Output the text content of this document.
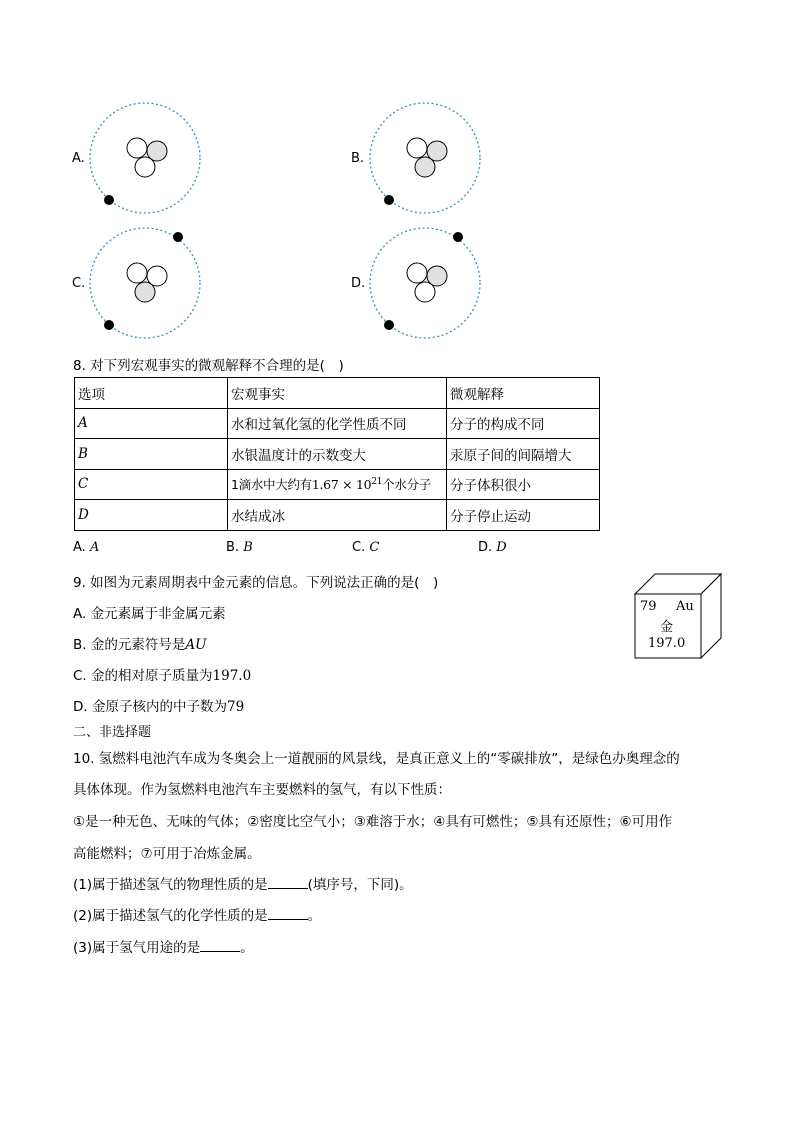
A.	B.
C.	D.
8. 对下列宏观事实的微观解释不合理的是(　)
选项	宏观事实	微观解释
A	水和过氧化氢的化学性质不同	分子的构成不同
B	水银温度计的示数变大	汞原子间的间隔增大
C	1滴水中大约有$1.67 \times 10^{21}$个水分子	分子体积很小
D	水结成冰	分子停止运动
A. A	B. B	C. C	D. D
9. 如图为元素周期表中金元素的信息。下列说法正确的是(　)
A. 金元素属于非金属元素
B. 金的元素符号是AU
C. 金的相对原子质量为197.0
D. 金原子核内的中子数为79
79 Au
金
197.0
二、非选择题
10. 氢燃料电池汽车成为冬奥会上一道靓丽的风景线，是真正意义上的“零碳排放”，是绿色办奥理念的
具体体现。作为氢燃料电池汽车主要燃料的氢气，有以下性质：
①是一种无色、无味的气体；②密度比空气小；③难溶于水；④具有可燃性；⑤具有还原性；⑥可用作
高能燃料；⑦可用于冶炼金属。
(1)属于描述氢气的物理性质的是	(填序号，下同)。
(2)属于描述氢气的化学性质的是	。
(3)属于氢气用途的是	。
